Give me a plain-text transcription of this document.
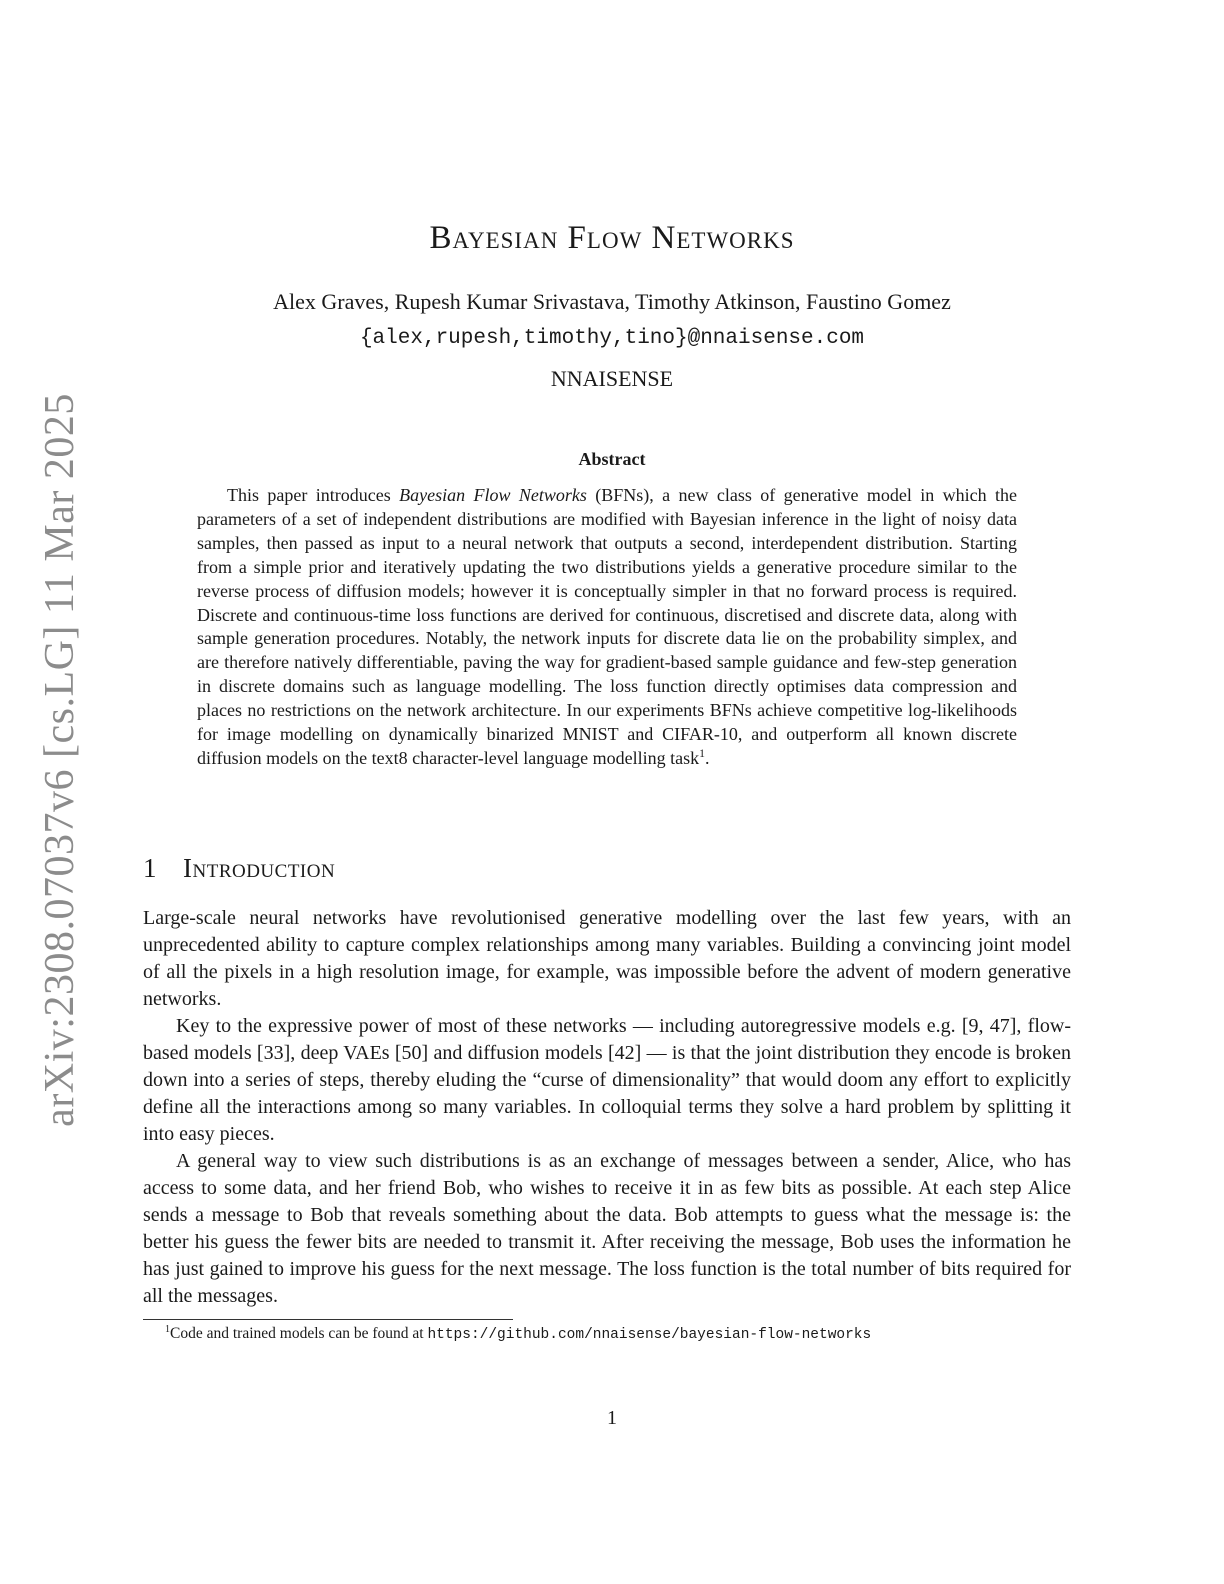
arXiv:2308.07037v6 [cs.LG] 11 Mar 2025
Bayesian Flow Networks
Alex Graves, Rupesh Kumar Srivastava, Timothy Atkinson, Faustino Gomez
{alex,rupesh,timothy,tino}@nnaisense.com
NNAISENSE
Abstract
This paper introduces Bayesian Flow Networks (BFNs), a new class of generative model in which the parameters of a set of independent distributions are modified with Bayesian inference in the light of noisy data samples, then passed as input to a neural network that outputs a second, interdependent distribution. Starting from a simple prior and iteratively updating the two distributions yields a generative procedure similar to the reverse process of diffusion models; however it is conceptually simpler in that no forward process is required. Discrete and continuous-time loss functions are derived for continuous, discretised and discrete data, along with sample generation procedures. Notably, the network inputs for discrete data lie on the probability simplex, and are therefore natively differentiable, paving the way for gradient-based sample guidance and few-step generation in discrete domains such as language modelling. The loss function directly optimises data compression and places no restrictions on the network architecture. In our experiments BFNs achieve competitive log-likelihoods for image modelling on dynamically binarized MNIST and CIFAR-10, and outperform all known discrete diffusion models on the text8 character-level language modelling task$^1$.
1 Introduction

Large-scale neural networks have revolutionised generative modelling over the last few years, with an unprecedented ability to capture complex relationships among many variables. Building a convincing joint model of all the pixels in a high resolution image, for example, was impossible before the advent of modern generative networks.

Key to the expressive power of most of these networks — including autoregressive models e.g. [9, 47], flow-based models [33], deep VAEs [50] and diffusion models [42] — is that the joint distribution they encode is broken down into a series of steps, thereby eluding the “curse of dimensionality” that would doom any effort to explicitly define all the interactions among so many variables. In colloquial terms they solve a hard problem by splitting it into easy pieces.

A general way to view such distributions is as an exchange of messages between a sender, Alice, who has access to some data, and her friend Bob, who wishes to receive it in as few bits as possible. At each step Alice sends a message to Bob that reveals something about the data. Bob attempts to guess what the message is: the better his guess the fewer bits are needed to transmit it. After receiving the message, Bob uses the information he has just gained to improve his guess for the next message. The loss function is the total number of bits required for all the messages.

$^1$Code and trained models can be found at https://github.com/nnaisense/bayesian-flow-networks
1
